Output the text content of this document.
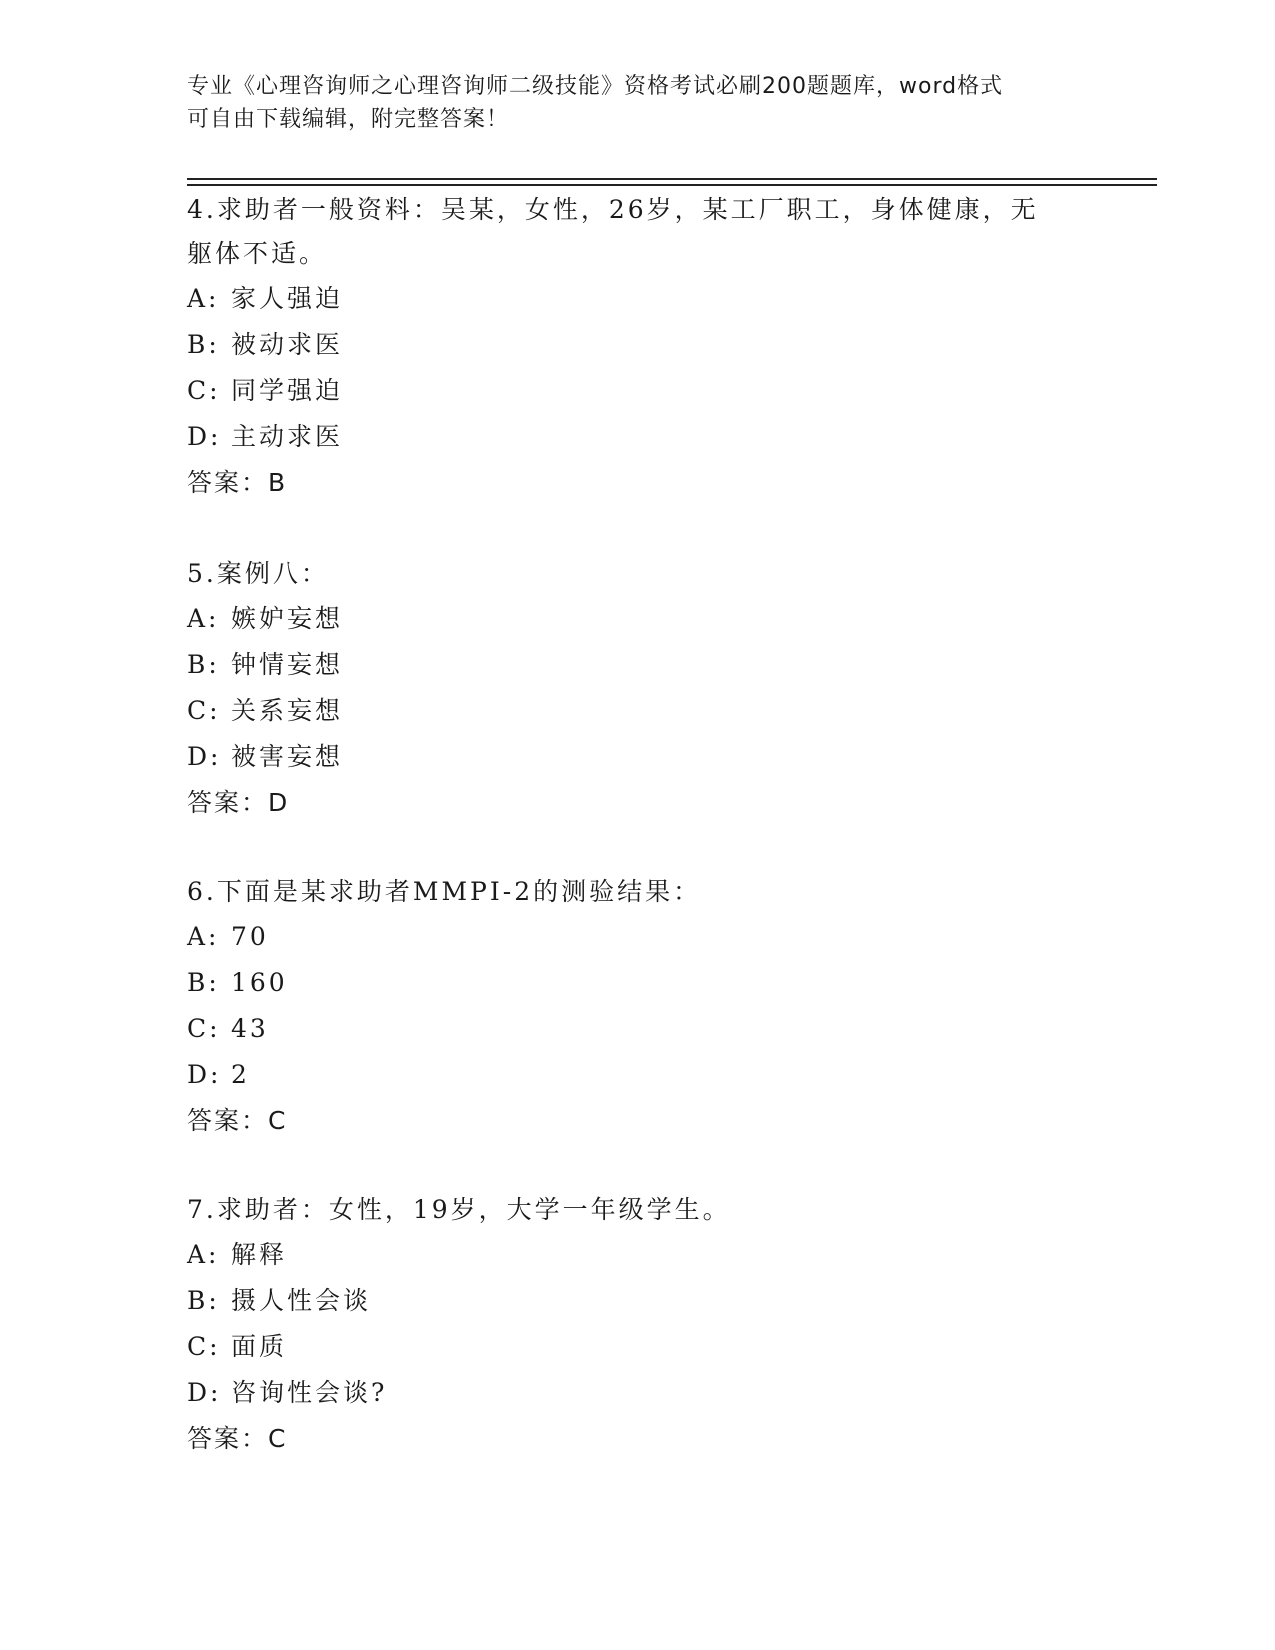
专业《心理咨询师之心理咨询师二级技能》资格考试必刷200题题库，word格式
可自由下载编辑，附完整答案！
4.求助者一般资料：吴某，女性，26岁，某工厂职工，身体健康，无
躯体不适。
A: 家人强迫
B: 被动求医
C: 同学强迫
D: 主动求医
答案：B
5.案例八：
A: 嫉妒妄想
B: 钟情妄想
C: 关系妄想
D: 被害妄想
答案：D
6.下面是某求助者MMPI-2的测验结果：
A: 70
B: 160
C: 43
D: 2
答案：C
7.求助者：女性，19岁，大学一年级学生。
A: 解释
B: 摄人性会谈
C: 面质
D: 咨询性会谈?
答案：C
